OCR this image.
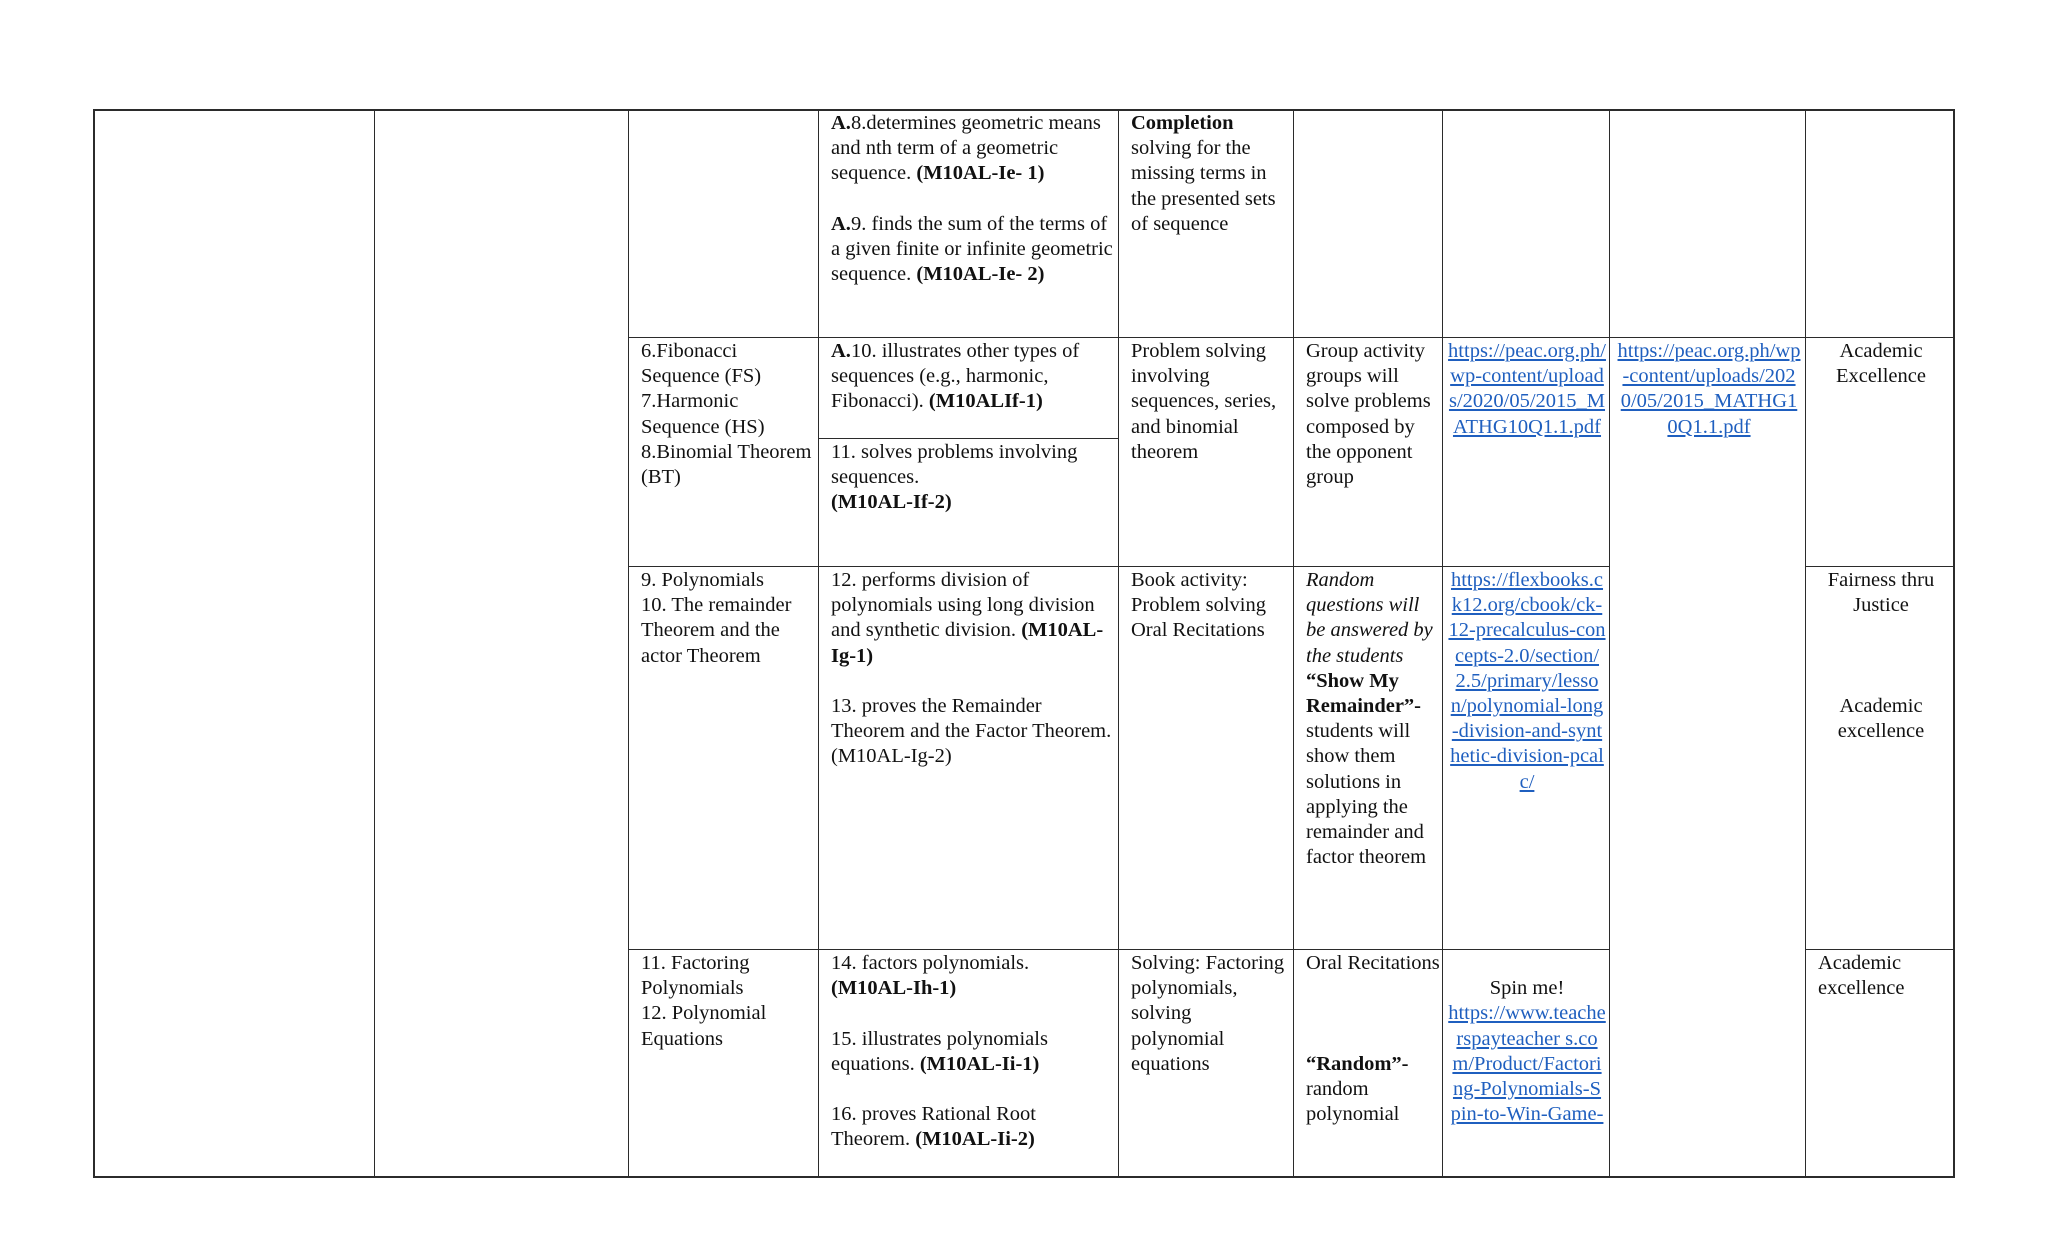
A.8.determines geometric means and nth term of a geometric sequence. (M10AL-Ie- 1)

A.9. finds the sum of the terms of a given finite or infinite geometric sequence. (M10AL-Ie- 2)

Completion
solving for the missing terms in the presented sets of sequence

6.Fibonacci Sequence (FS)

7.Harmonic Sequence (HS)

8.Binomial Theorem (BT)

A.10. illustrates other types of sequences (e.g., harmonic, Fibonacci). (M10ALIf-1)

11. solves problems involving sequences.
(M10AL-If-2)

Problem solving involving sequences, series, and binomial theorem

Group activity groups will solve problems composed by the opponent group

https://peac.org.ph/wp-content/uploads/2020/05/2015_MATHG10Q1.1.pdf
https://peac.org.ph/wp-content/uploads/2020/05/2015_MATHG10Q1.1.pdf

Academic Excellence

9. Polynomials

10. The remainder Theorem and the actor Theorem

12. performs division of polynomials using long division and synthetic division. (M10AL-Ig-1)

13. proves the Remainder Theorem and the Factor Theorem. (M10AL-Ig-2)

Book activity: Problem solving Oral Recitations

Random questions will be answered by the students

“Show My Remainder”-

students will show them solutions in applying the remainder and factor theorem

https://flexbooks.ck12.org/cbook/ck-12-precalculus-concepts-2.0/section/2.5/primary/lesson/polynomial-long-division-and-synthetic-division-pcalc/

Fairness thru Justice

Academic excellence

11. Factoring Polynomials

12. Polynomial Equations

14. factors polynomials.
(M10AL-Ih-1)

15. illustrates polynomials equations. (M10AL-Ii-1)

16. proves Rational Root Theorem. (M10AL-Ii-2)

Solving: Factoring polynomials, solving polynomial equations

Oral Recitations

“Random”-

random polynomial

Spin me!

https://www.teacherspayteacher s.com/Product/Factoring-Polynomials-Spin-to-Win-Game-

Academic excellence
